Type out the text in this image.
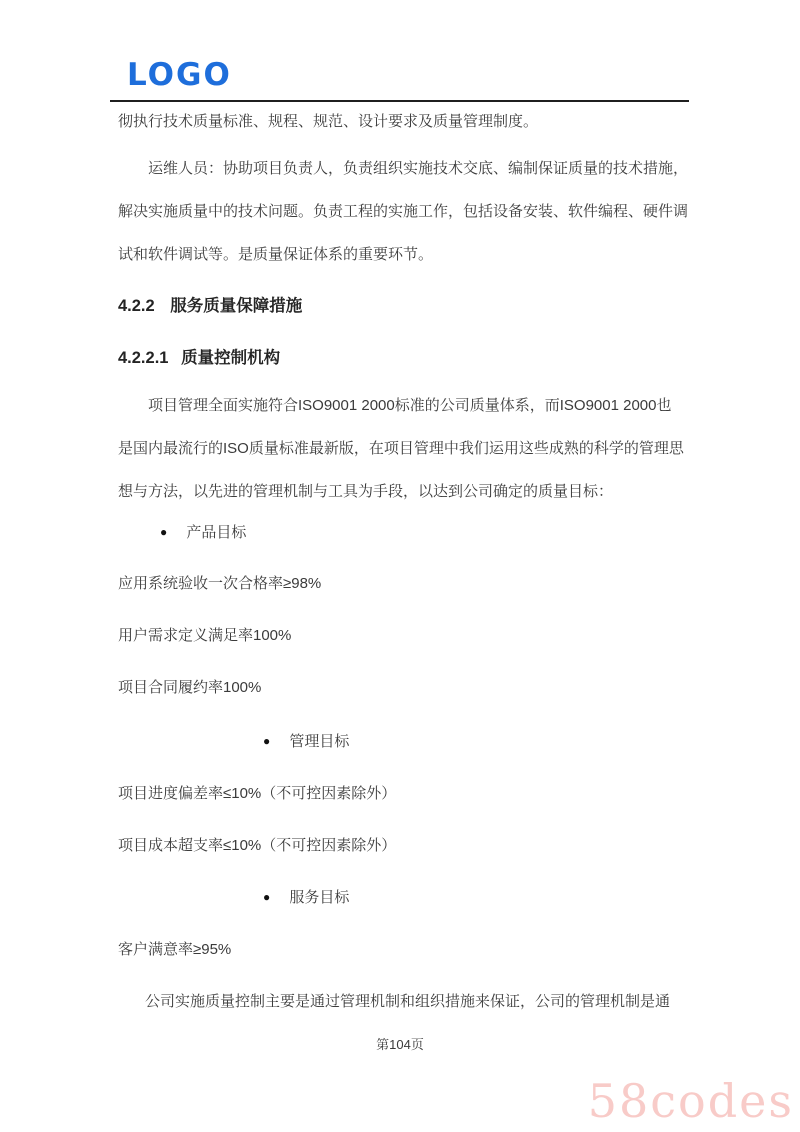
LOGO
彻执行技术质量标准、规程、规范、设计要求及质量管理制度。
运维人员：协助项目负责人，负责组织实施技术交底、编制保证质量的技术措施，
解决实施质量中的技术问题。负责工程的实施工作，包括设备安装、软件编程、硬件调
试和软件调试等。是质量保证体系的重要环节。
4.2.2 服务质量保障措施
4.2.2.1 质量控制机构
项目管理全面实施符合ISO9001 2000标准的公司质量体系，而ISO9001 2000也
是国内最流行的ISO质量标准最新版，在项目管理中我们运用这些成熟的科学的管理思
想与方法，以先进的管理机制与工具为手段，以达到公司确定的质量目标：
● 产品目标
应用系统验收一次合格率≥98%
用户需求定义满足率100%
项目合同履约率100%
● 管理目标
项目进度偏差率≤10%（不可控因素除外）
项目成本超支率≤10%（不可控因素除外）
● 服务目标
客户满意率≥95%
公司实施质量控制主要是通过管理机制和组织措施来保证，公司的管理机制是通
第104页
58codes
